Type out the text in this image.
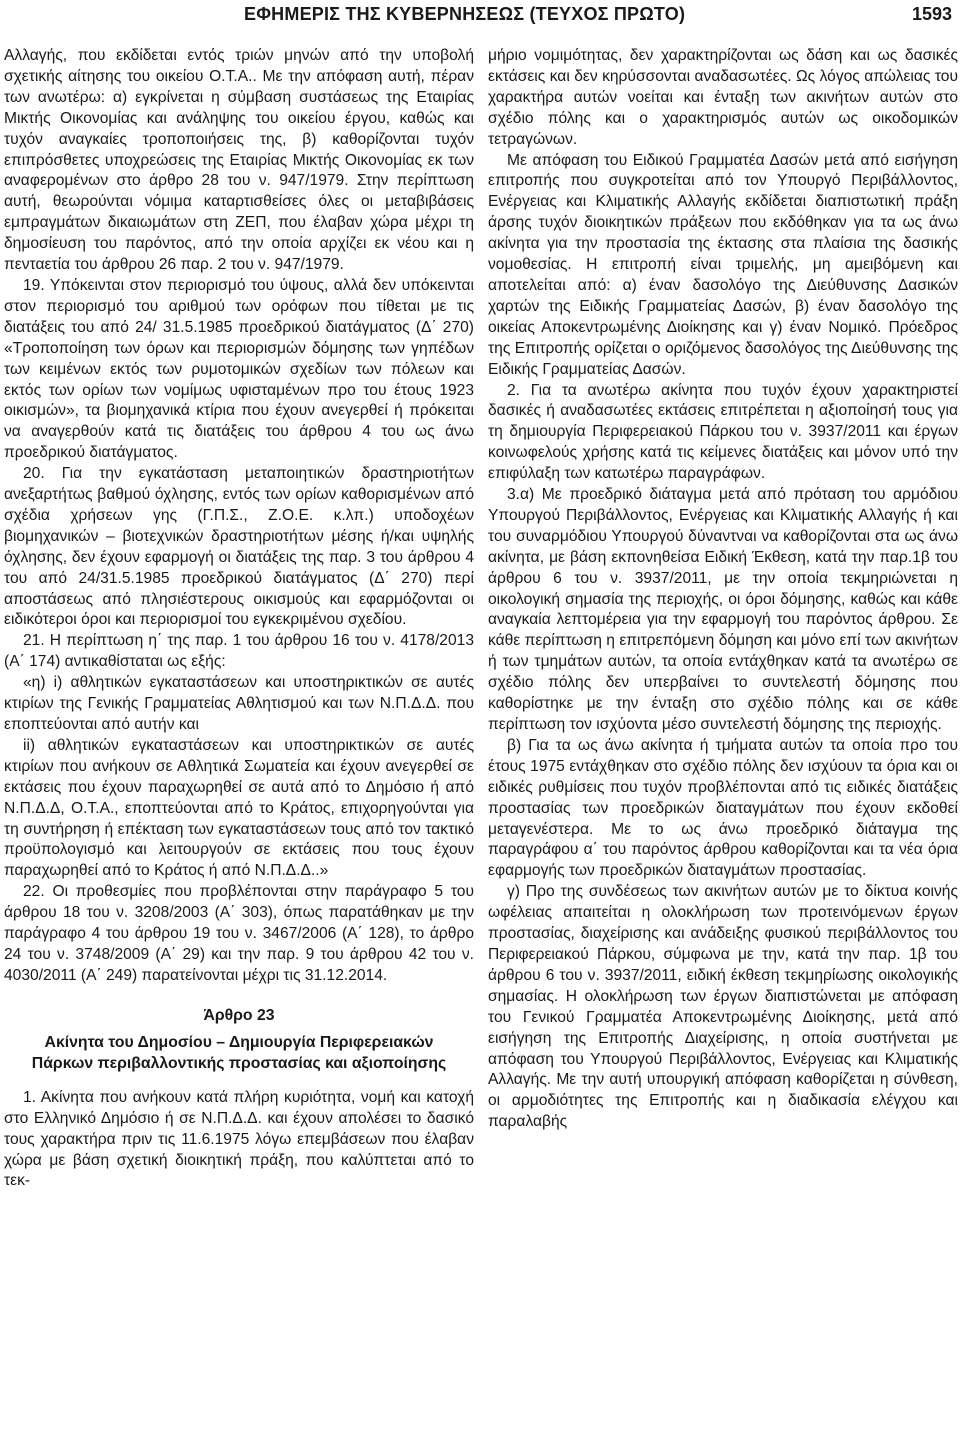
ΕΦΗΜΕΡΙΣ ΤΗΣ ΚΥΒΕΡΝΗΣΕΩΣ (ΤΕΥΧΟΣ ΠΡΩΤΟ)	1593

Αλλαγής, που εκδίδεται εντός τριών μηνών από την υποβολή σχετικής αίτησης του οικείου Ο.Τ.Α.. Με την απόφαση αυτή, πέραν των ανωτέρω: α) εγκρίνεται η σύμβαση συστάσεως της Εταιρίας Μικτής Οικονομίας και ανάληψης του οικείου έργου, καθώς και τυχόν αναγκαίες τροποποιήσεις της, β) καθορίζονται τυχόν επιπρόσθετες υποχρεώσεις της Εταιρίας Μικτής Οικονομίας εκ των αναφερομένων στο άρθρο 28 του ν. 947/1979. Στην περίπτωση αυτή, θεωρούνται νόμιμα καταρτισθείσες όλες οι μεταβιβάσεις εμπραγμάτων δικαιωμάτων στη ΖΕΠ, που έλαβαν χώρα μέχρι τη δημοσίευση του παρόντος, από την οποία αρχίζει εκ νέου και η πενταετία του άρθρου 26 παρ. 2 του ν. 947/1979.

19. Υπόκεινται στον περιορισμό του ύψους, αλλά δεν υπόκεινται στον περιορισμό του αριθμού των ορόφων που τίθεται με τις διατάξεις του από 24/ 31.5.1985 προεδρικού διατάγματος (Δ΄ 270) «Τροποποίηση των όρων και περιορισμών δόμησης των γηπέδων των κειμένων εκτός των ρυμοτομικών σχεδίων των πόλεων και εκτός των ορίων των νομίμως υφισταμένων προ του έτους 1923 οικισμών», τα βιομηχανικά κτίρια που έχουν ανεγερθεί ή πρόκειται να αναγερθούν κατά τις διατάξεις του άρθρου 4 του ως άνω προεδρικού διατάγματος.

20. Για την εγκατάσταση μεταποιητικών δραστηριοτήτων ανεξαρτήτως βαθμού όχλησης, εντός των ορίων καθορισμένων από σχέδια χρήσεων γης (Γ.Π.Σ., Ζ.Ο.Ε. κ.λπ.) υποδοχέων βιομηχανικών – βιοτεχνικών δραστηριοτήτων μέσης ή/και υψηλής όχλησης, δεν έχουν εφαρμογή οι διατάξεις της παρ. 3 του άρθρου 4 του από 24/31.5.1985 προεδρικού διατάγματος (Δ΄ 270) περί αποστάσεως από πλησιέστερους οικισμούς και εφαρμόζονται οι ειδικότεροι όροι και περιορισμοί του εγκεκριμένου σχεδίου.

21. Η περίπτωση η΄ της παρ. 1 του άρθρου 16 του ν. 4178/2013 (Α΄ 174) αντικαθίσταται ως εξής:

«η) i) αθλητικών εγκαταστάσεων και υποστηρικτικών σε αυτές κτιρίων της Γενικής Γραμματείας Αθλητισμού και των Ν.Π.Δ.Δ. που εποπτεύονται από αυτήν και

ii) αθλητικών εγκαταστάσεων και υποστηρικτικών σε αυτές κτιρίων που ανήκουν σε Αθλητικά Σωματεία και έχουν ανεγερθεί σε εκτάσεις που έχουν παραχωρηθεί σε αυτά από το Δημόσιο ή από Ν.Π.Δ.Δ, Ο.Τ.Α., εποπτεύονται από το Κράτος, επιχορηγούνται για τη συντήρηση ή επέκταση των εγκαταστάσεων τους από τον τακτικό προϋπολογισμό και λειτουργούν σε εκτάσεις που τους έχουν παραχωρηθεί από το Κράτος ή από Ν.Π.Δ.Δ..»

22. Οι προθεσμίες που προβλέπονται στην παράγραφο 5 του άρθρου 18 του ν. 3208/2003 (Α΄ 303), όπως παρατάθηκαν με την παράγραφο 4 του άρθρου 19 του ν. 3467/2006 (Α΄ 128), το άρθρο 24 του ν. 3748/2009 (Α΄ 29) και την παρ. 9 του άρθρου 42 του ν. 4030/2011 (Α΄ 249) παρατείνονται μέχρι τις 31.12.2014.

Άρθρο 23
Ακίνητα του Δημοσίου – Δημιουργία Περιφερειακών
Πάρκων περιβαλλοντικής προστασίας και αξιοποίησης

1. Ακίνητα που ανήκουν κατά πλήρη κυριότητα, νομή και κατοχή στο Ελληνικό Δημόσιο ή σε Ν.Π.Δ.Δ. και έχουν απολέσει το δασικό τους χαρακτήρα πριν τις 11.6.1975 λόγω επεμβάσεων που έλαβαν χώρα με βάση σχετική διοικητική πράξη, που καλύπτεται από το τεκ-

μήριο νομιμότητας, δεν χαρακτηρίζονται ως δάση και ως δασικές εκτάσεις και δεν κηρύσσονται αναδασωτέες. Ως λόγος απώλειας του χαρακτήρα αυτών νοείται και ένταξη των ακινήτων αυτών στο σχέδιο πόλης και ο χαρακτηρισμός αυτών ως οικοδομικών τετραγώνων.

Με απόφαση του Ειδικού Γραμματέα Δασών μετά από εισήγηση επιτροπής που συγκροτείται από τον Υπουργό Περιβάλλοντος, Ενέργειας και Κλιματικής Αλλαγής εκδίδεται διαπιστωτική πράξη άρσης τυχόν διοικητικών πράξεων που εκδόθηκαν για τα ως άνω ακίνητα για την προστασία της έκτασης στα πλαίσια της δασικής νομοθεσίας. Η επιτροπή είναι τριμελής, μη αμειβόμενη και αποτελείται από: α) έναν δασολόγο της Διεύθυνσης Δασικών χαρτών της Ειδικής Γραμματείας Δασών, β) έναν δασολόγο της οικείας Αποκεντρωμένης Διοίκησης και γ) έναν Νομικό. Πρόεδρος της Επιτροπής ορίζεται ο οριζόμενος δασολόγος της Διεύθυνσης της Ειδικής Γραμματείας Δασών.

2. Για τα ανωτέρω ακίνητα που τυχόν έχουν χαρακτηριστεί δασικές ή αναδασωτέες εκτάσεις επιτρέπεται η αξιοποίησή τους για τη δημιουργία Περιφερειακού Πάρκου του ν. 3937/2011 και έργων κοινωφελούς χρήσης κατά τις κείμενες διατάξεις και μόνον υπό την επιφύλαξη των κατωτέρω παραγράφων.

3.α) Με προεδρικό διάταγμα μετά από πρόταση του αρμόδιου Υπουργού Περιβάλλοντος, Ενέργειας και Κλιματικής Αλλαγής ή και του συναρμόδιου Υπουργού δύναντναι να καθορίζονται στα ως άνω ακίνητα, με βάση εκπονηθείσα Ειδική Έκθεση, κατά την παρ.1β του άρθρου 6 του ν. 3937/2011, με την οποία τεκμηριώνεται η οικολογική σημασία της περιοχής, οι όροι δόμησης, καθώς και κάθε αναγκαία λεπτομέρεια για την εφαρμογή του παρόντος άρθρου. Σε κάθε περίπτωση η επιτρεπόμενη δόμηση και μόνο επί των ακινήτων ή των τμημάτων αυτών, τα οποία εντάχθηκαν κατά τα ανωτέρω σε σχέδιο πόλης δεν υπερβαίνει το συντελεστή δόμησης που καθορίστηκε με την ένταξη στο σχέδιο πόλης και σε κάθε περίπτωση τον ισχύοντα μέσο συντελεστή δόμησης της περιοχής.

β) Για τα ως άνω ακίνητα ή τμήματα αυτών τα οποία προ του έτους 1975 εντάχθηκαν στο σχέδιο πόλης δεν ισχύουν τα όρια και οι ειδικές ρυθμίσεις που τυχόν προβλέπονται από τις ειδικές διατάξεις προστασίας των προεδρικών διαταγμάτων που έχουν εκδοθεί μεταγενέστερα. Με το ως άνω προεδρικό διάταγμα της παραγράφου α΄ του παρόντος άρθρου καθορίζονται και τα νέα όρια εφαρμογής των προεδρικών διαταγμάτων προστασίας.

γ) Προ της συνδέσεως των ακινήτων αυτών με το δίκτυα κοινής ωφέλειας απαιτείται η ολοκλήρωση των προτεινόμενων έργων προστασίας, διαχείρισης και ανάδειξης φυσικού περιβάλλοντος του Περιφερειακού Πάρκου, σύμφωνα με την, κατά την παρ. 1β του άρθρου 6 του ν. 3937/2011, ειδική έκθεση τεκμηρίωσης οικολογικής σημασίας. Η ολοκλήρωση των έργων διαπιστώνεται με απόφαση του Γενικού Γραμματέα Αποκεντρωμένης Διοίκησης, μετά από εισήγηση της Επιτροπής Διαχείρισης, η οποία συστήνεται με απόφαση του Υπουργού Περιβάλλοντος, Ενέργειας και Κλιματικής Αλλαγής. Με την αυτή υπουργική απόφαση καθορίζεται η σύνθεση, οι αρμοδιότητες της Επιτροπής και η διαδικασία ελέγχου και παραλαβής
